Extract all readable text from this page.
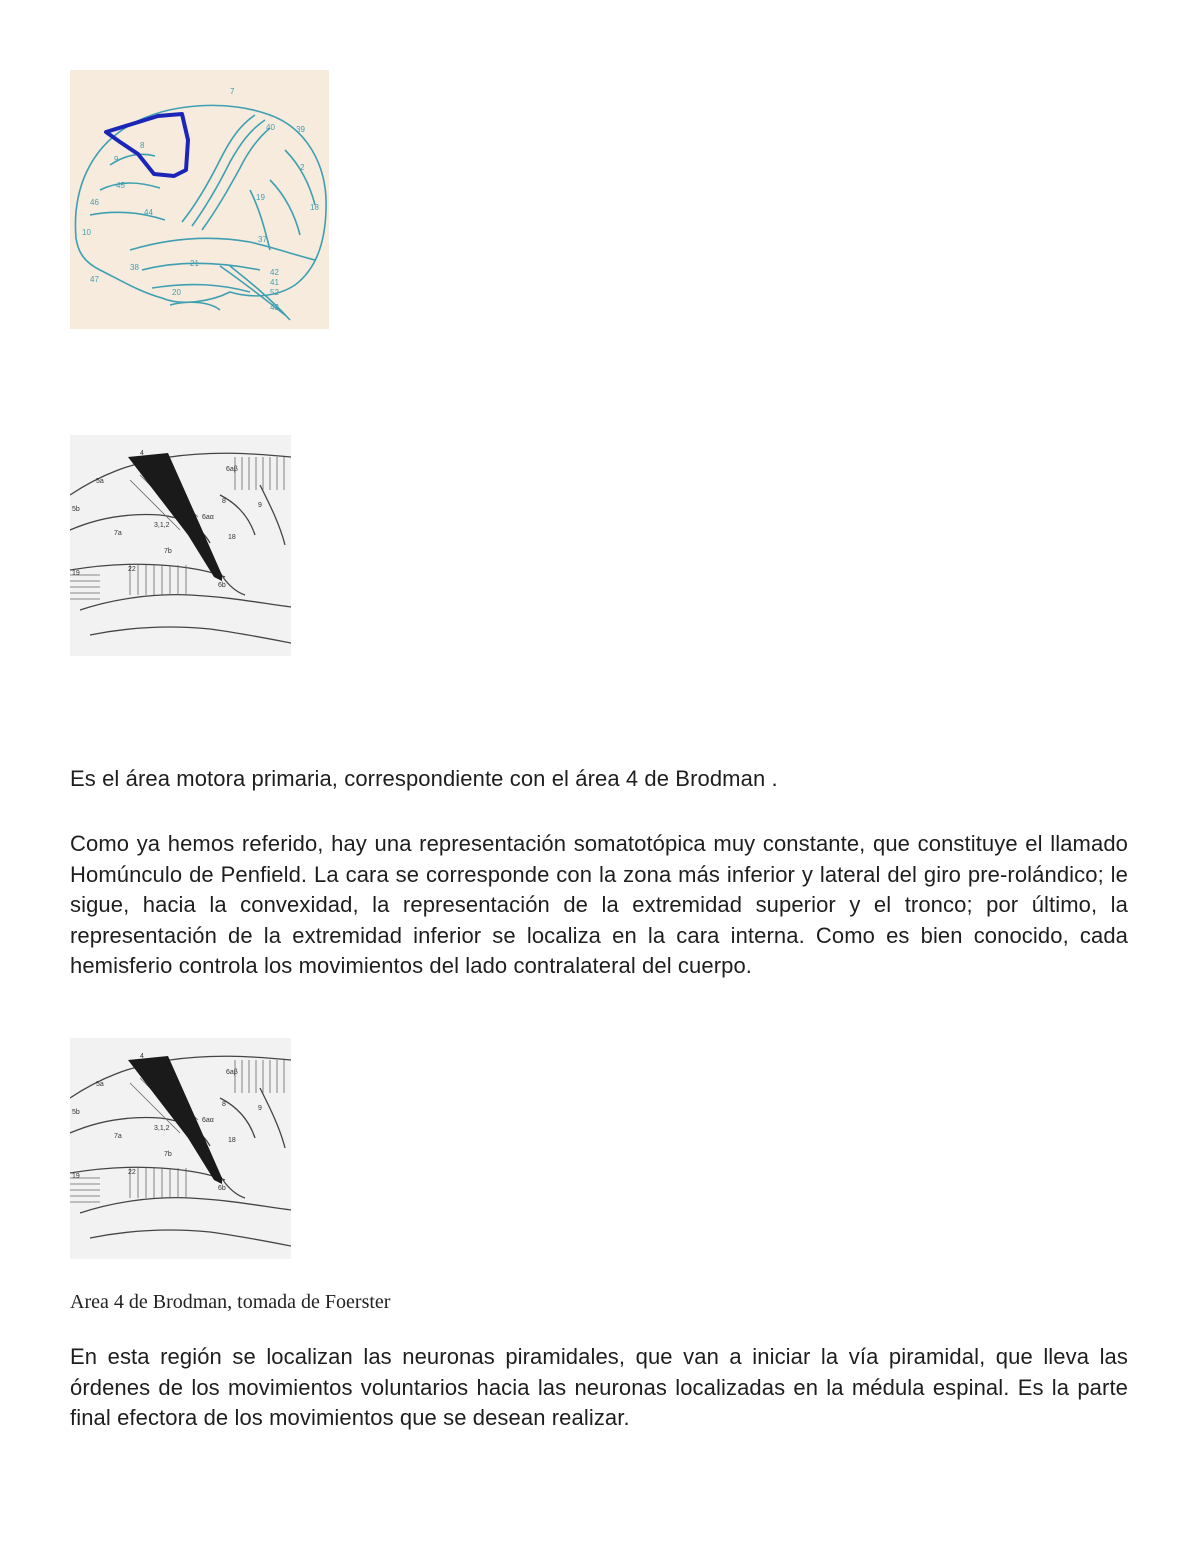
7
40	39
8
9
45
46
10
44
19
18
37
38	21
20
47
42
41
52
43
2
4
6aβ
5a
5b
8
6aα
9
7a
3,1,2
7b
18
19
22
6b

Es el área motora primaria, correspondiente con el área 4 de Brodman .

Como ya hemos referido, hay una representación somatotópica muy constante, que constituye el llamado Homúnculo de Penfield. La cara se corresponde con la zona más inferior y lateral del giro pre-rolándico; le sigue, hacia la convexidad, la representación de la extremidad superior y el tronco; por último, la representación de la extremidad inferior se localiza en la cara interna. Como es bien conocido, cada hemisferio controla los movimientos del lado contralateral del cuerpo.

4
6aβ
5a
5b
8
6aα
9
7a
3,1,2
7b
18
19
22
6b

Area 4 de Brodman, tomada de Foerster

En esta región se localizan las neuronas piramidales, que van a iniciar la vía piramidal, que lleva las órdenes de los movimientos voluntarios hacia las neuronas localizadas en la médula espinal. Es la parte final efectora de los movimientos que se desean realizar.
